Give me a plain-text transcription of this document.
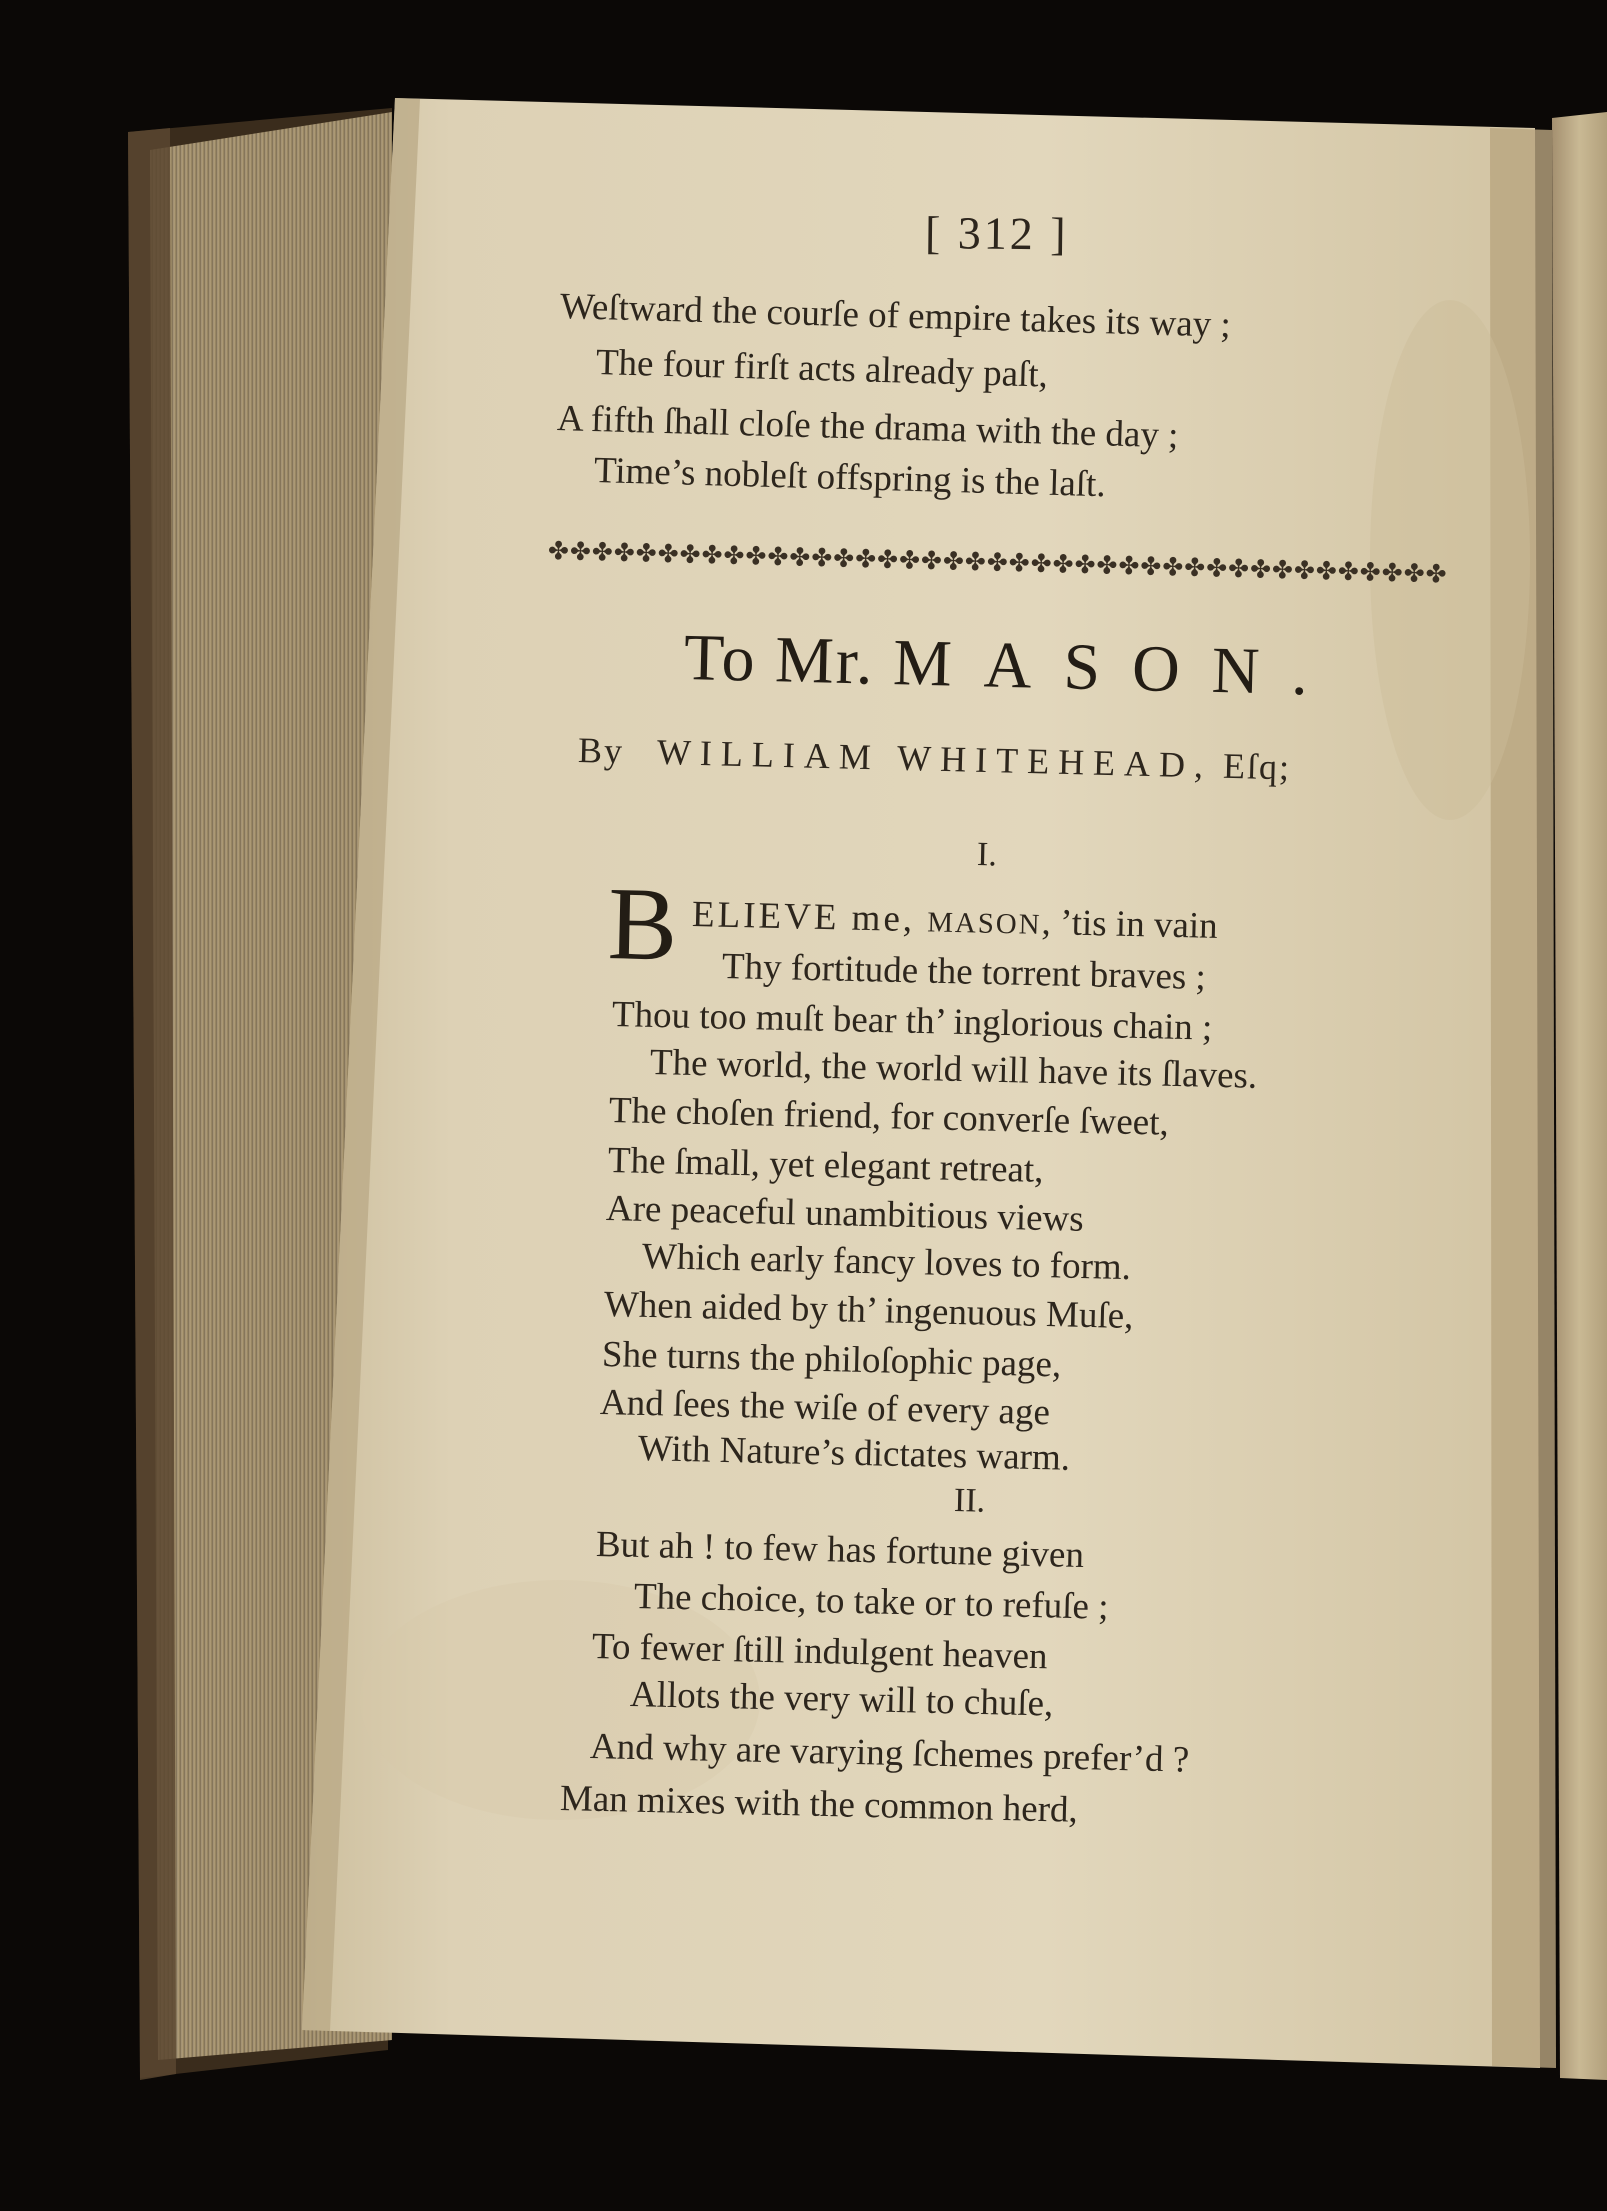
[ 312 ]
Weſtward the courſe of empire takes its way ;
The four firſt acts already paſt,
A fifth ſhall cloſe the drama with the day ;
Time’s nobleſt offspring is the laſt.
✤✤✤✤✤✤✤✤✤✤✤✤✤✤✤✤✤✤✤✤✤✤✤✤✤✤✤✤✤✤✤✤✤✤✤✤✤✤✤✤✤
To Mr. MASON.
By WILLIAM WHITEHEAD, Eſq;
I.
B ELIEVE me, MASON, ’tis in vain
Thy fortitude the torrent braves ;
Thou too muſt bear th’ inglorious chain ;
The world, the world will have its ſlaves.
The choſen friend, for converſe ſweet,
The ſmall, yet elegant retreat,
Are peaceful unambitious views
Which early fancy loves to form.
When aided by th’ ingenuous Muſe,
She turns the philoſophic page,
And ſees the wiſe of every age
With Nature’s dictates warm.
II.
But ah ! to few has fortune given
The choice, to take or to refuſe ;
To fewer ſtill indulgent heaven
Allots the very will to chuſe,
And why are varying ſchemes prefer’d ?
Man mixes with the common herd,
